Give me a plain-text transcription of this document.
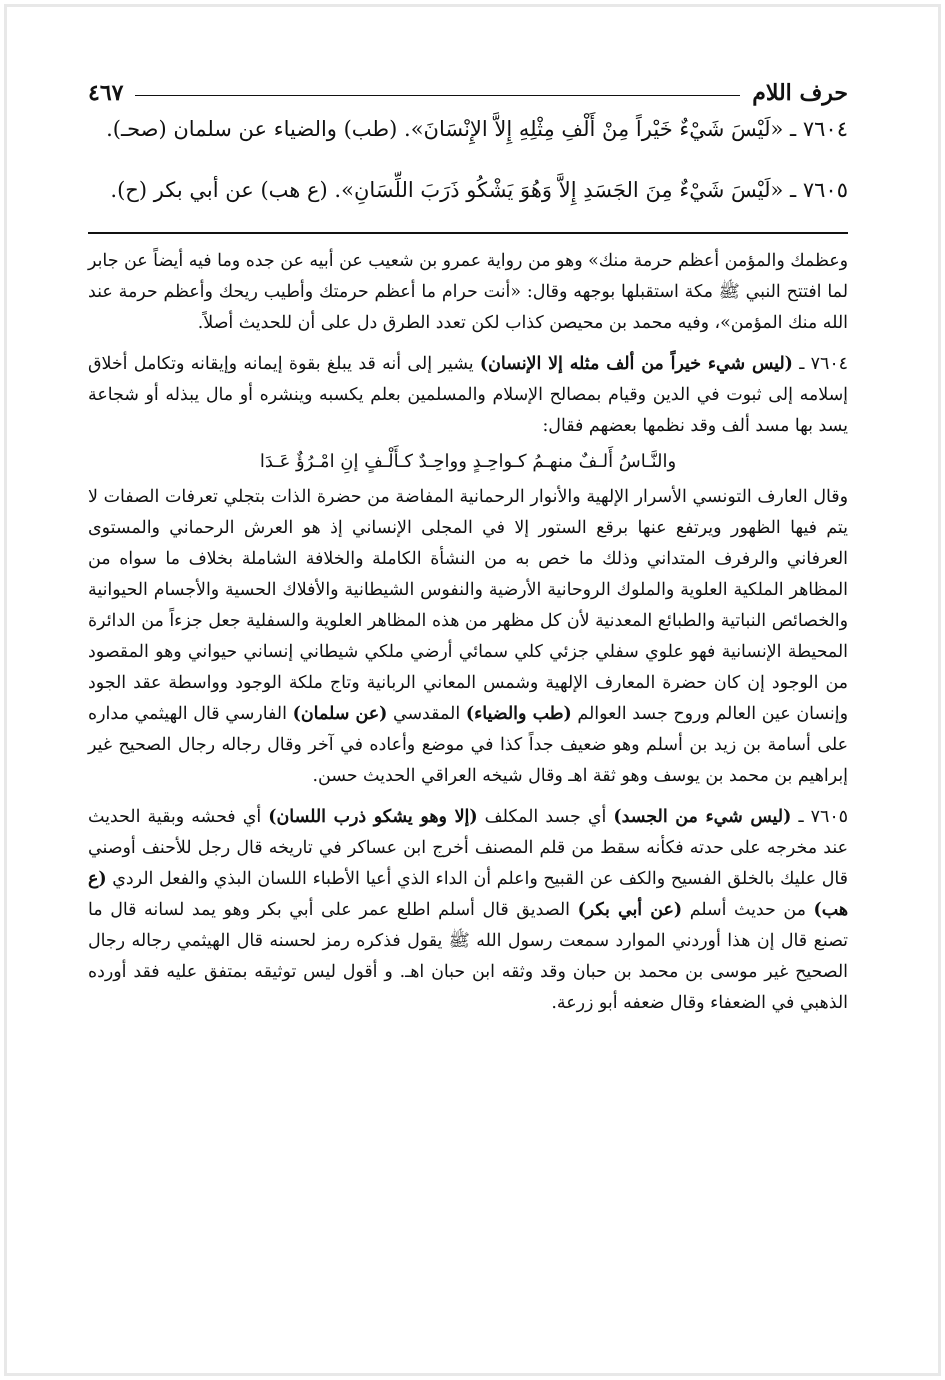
حرف اللام
٤٦٧

٧٦٠٤ ـ «لَيْسَ شَيْءٌ خَيْراً مِنْ أَلْفِ مِثْلِهِ إِلاَّ الإِنْسَانَ». (طب) والضياء عن سلمان (صحـ).

٧٦٠٥ ـ «لَيْسَ شَيْءٌ مِنَ الجَسَدِ إِلاَّ وَهُوَ يَشْكُو ذَرَبَ اللِّسَانِ». (ع هب) عن أبي بكر (ح).

وعظمك والمؤمن أعظم حرمة منك» وهو من رواية عمرو بن شعيب عن أبيه عن جده وما فيه أيضاً عن جابر لما افتتح النبي ﷺ مكة استقبلها بوجهه وقال: «أنت حرام ما أعظم حرمتك وأطيب ريحك وأعظم حرمة عند الله منك المؤمن»، وفيه محمد بن محيصن كذاب لكن تعدد الطرق دل على أن للحديث أصلاً.

٧٦٠٤ ـ (ليس شيء خيراً من ألف مثله إلا الإنسان) يشير إلى أنه قد يبلغ بقوة إيمانه وإيقانه وتكامل أخلاق إسلامه إلى ثبوت في الدين وقيام بمصالح الإسلام والمسلمين بعلم يكسبه وينشره أو مال يبذله أو شجاعة يسد بها مسد ألف وقد نظمها بعضهم فقال:

والنَّـاسُ أَلـفٌ منهـمُ كـواحِـدٍ وواحِـدٌ كـأَلْـفٍ إنِ امْـرُؤٌ عَـدَا

وقال العارف التونسي الأسرار الإلهية والأنوار الرحمانية المفاضة من حضرة الذات بتجلي تعرفات الصفات لا يتم فيها الظهور ويرتفع عنها برقع الستور إلا في المجلى الإنساني إذ هو العرش الرحماني والمستوى العرفاني والرفرف المتداني وذلك ما خص به من النشأة الكاملة والخلافة الشاملة بخلاف ما سواه من المظاهر الملكية العلوية والملوك الروحانية الأرضية والنفوس الشيطانية والأفلاك الحسية والأجسام الحيوانية والخصائص النباتية والطبائع المعدنية لأن كل مظهر من هذه المظاهر العلوية والسفلية جعل جزءاً من الدائرة المحيطة الإنسانية فهو علوي سفلي جزئي كلي سمائي أرضي ملكي شيطاني إنساني حيواني وهو المقصود من الوجود إن كان حضرة المعارف الإلهية وشمس المعاني الربانية وتاج ملكة الوجود وواسطة عقد الجود وإنسان عين العالم وروح جسد العوالم (طب والضياء) المقدسي (عن سلمان) الفارسي قال الهيثمي مداره على أسامة بن زيد بن أسلم وهو ضعيف جداً كذا في موضع وأعاده في آخر وقال رجاله رجال الصحيح غير إبراهيم بن محمد بن يوسف وهو ثقة اهـ وقال شيخه العراقي الحديث حسن.

٧٦٠٥ ـ (ليس شيء من الجسد) أي جسد المكلف (إلا وهو يشكو ذرب اللسان) أي فحشه وبقية الحديث عند مخرجه على حدته فكأنه سقط من قلم المصنف أخرج ابن عساكر في تاريخه قال رجل للأحنف أوصني قال عليك بالخلق الفسيح والكف عن القبيح واعلم أن الداء الذي أعيا الأطباء اللسان البذي والفعل الردي (ع هب) من حديث أسلم (عن أبي بكر) الصديق قال أسلم اطلع عمر على أبي بكر وهو يمد لسانه قال ما تصنع قال إن هذا أوردني الموارد سمعت رسول الله ﷺ يقول فذكره رمز لحسنه قال الهيثمي رجاله رجال الصحيح غير موسى بن محمد بن حبان وقد وثقه ابن حبان اهـ. و أقول ليس توثيقه بمتفق عليه فقد أورده الذهبي في الضعفاء وقال ضعفه أبو زرعة.
